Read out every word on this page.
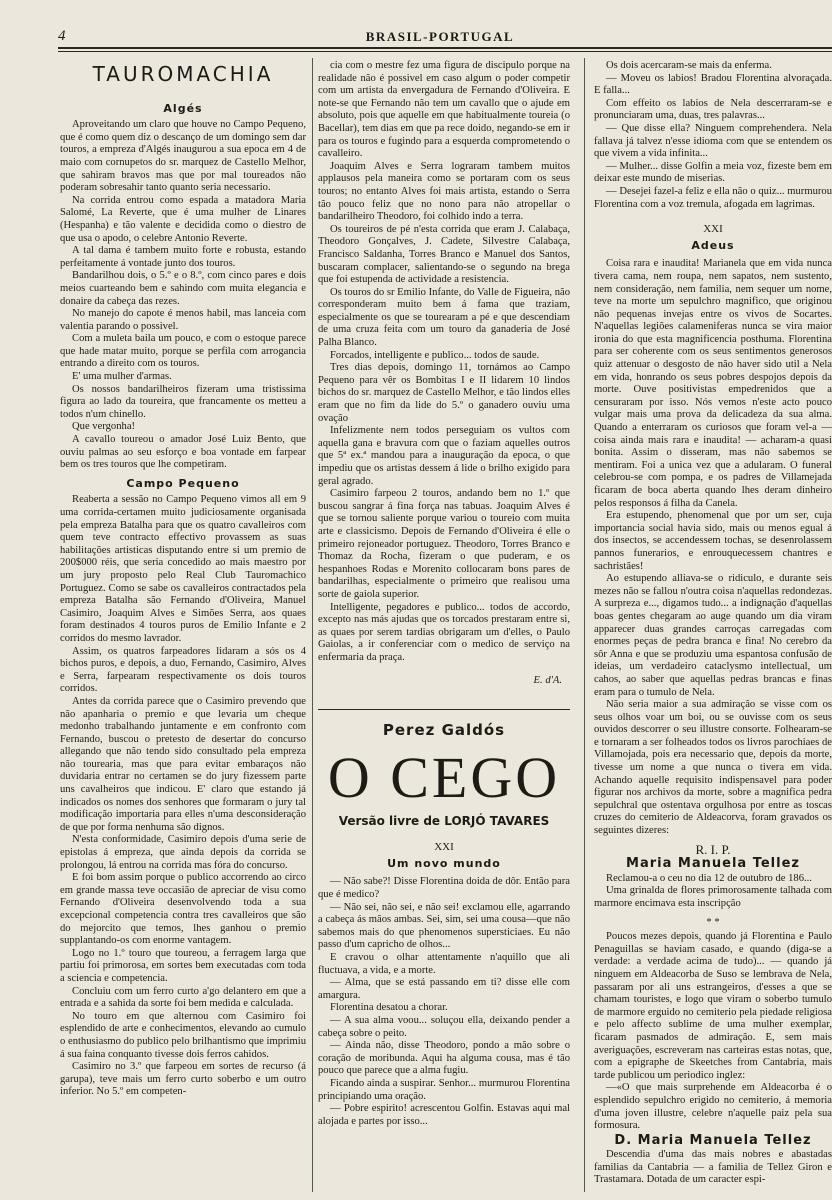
4	BRASIL-PORTUGAL
TAUROMACHIA
Algés

Aproveitando um claro que houve no Campo Pequeno, que é como quem diz o descanço de um domingo sem dar touros, a empreza d'Algés inaugurou a sua epoca em 4 de maio com cornupetos do sr. marquez de Castello Melhor, que sahiram bravos mas que por mal toureados não poderam sobresahir tanto quanto seria necessario.

Na corrida entrou como espada a matadora Maria Salomé, La Reverte, que é uma mulher de Linares (Hespanha) e tão valente e decidida como o diestro de que usa o apodo, o celebre Antonio Reverte.

A tal dama é tambem muito forte e robusta, estando perfeitamente á vontade junto dos touros.

Bandarilhou dois, o 5.º e o 8.º, com cinco pares e dois meios cuarteando bem e sahindo com muita elegancia e donaire da cabeça das rezes.

No manejo do capote é menos habil, mas lanceia com valentia parando o possivel.

Com a muleta baila um pouco, e com o estoque parece que hade matar muito, porque se perfila com arrogancia entrando a direito com os touros.

E' uma mulher d'armas.

Os nossos bandarilheiros fizeram uma tristissima figura ao lado da toureira, que francamente os metteu a todos n'um chinello.

Que vergonha!

A cavallo toureou o amador José Luiz Bento, que ouviu palmas ao seu esforço e boa vontade em farpear bem os tres touros que lhe competiram.

Campo Pequeno

Reaberta a sessão no Campo Pequeno vimos all em 9 uma corrida-certamen muito judiciosamente organisada pela empreza Batalha para que os quatro cavalleiros com quem teve contracto effectivo provassem as suas habilitações artisticas disputando entre si um premio de 200$000 réis, que seria concedido ao mais maestro por um jury proposto pelo Real Club Tauromachico Portuguez. Como se sabe os cavalleiros contractados pela empreza Batalha são Fernando d'Oliveira, Manuel Casimiro, Joaquim Alves e Simões Serra, aos quaes foram destinados 4 touros puros de Emilio Infante e 2 corridos do mesmo lavrador.

Assim, os quatros farpeadores lidaram a sós os 4 bichos puros, e depois, a duo, Fernando, Casimiro, Alves e Serra, farpearam respectivamente os dois touros corridos.

Antes da corrida parece que o Casimiro prevendo que não apanharia o premio e que levaria um cheque medonho trabalhando juntamente e em confronto com Fernando, buscou o pretesto de desertar do concurso allegando que não tendo sido consultado pela empreza não tourearia, mas que para evitar embaraços não duvidaria entrar no certamen se do jury fizessem parte uns cavalheiros que indicou. E' claro que estando já indicados os nomes dos senhores que formaram o jury tal modificação importaria para elles n'uma desconsideração de que por forma nenhuma são dignos.

N'esta conformidade, Casimiro depois d'uma serie de epistolas á empreza, que ainda depois da corrida se prolongou, lá entrou na corrida mas fóra do concurso.

E foi bom assim porque o publico accorrendo ao circo em grande massa teve occasião de apreciar de visu como Fernando d'Oliveira desenvolvendo toda a sua excepcional competencia contra tres cavalleiros que são do mejorcito que temos, lhes ganhou o premio supplantando-os com enorme vantagem.

Logo no 1.º touro que toureou, a ferragem larga que partiu foi primorosa, em sortes bem executadas com toda a sciencia e competencia.

Concluiu com um ferro curto a'go delantero em que a entrada e a sahida da sorte foi bem medida e calculada.

No touro em que alternou com Casimiro foi esplendido de arte e conhecimentos, elevando ao cumulo o enthusiasmo do publico pelo brilhantismo que imprimiu á sua faina conquanto tivesse dois ferros cahidos.

Casimiro no 3.º que farpeou em sortes de recurso (á garupa), teve mais um ferro curto soberbo e um outro inferior. No 5.º em competen-

cia com o mestre fez uma figura de discipulo porque na realidade não é possivel em caso algum o poder competir com um artista da envergadura de Fernando d'Oliveira. E note-se que Fernando não tem um cavallo que o ajude em absoluto, pois que aquelle em que habitualmente toureia (o Bacellar), tem dias em que pa rece doido, negando-se em ir para os touros e fugindo para a esquerda comprometendo o cavalleiro.

Joaquim Alves e Serra lograram tambem muitos applausos pela maneira como se portaram com os seus touros; no entanto Alves foi mais artista, estando o Serra tão pouco feliz que no nono para não atropellar o bandarilheiro Theodoro, foi colhido indo a terra.

Os toureiros de pé n'esta corrida que eram J. Calabaça, Theodoro Gonçalves, J. Cadete, Silvestre Calabaça, Francisco Saldanha, Torres Branco e Manuel dos Santos, buscaram complacer, salientando-se o segundo na brega que foi estupenda de actividade a resistencia.

Os touros do sr Emilio Infante, do Valle de Figueira, não corresponderam muito bem á fama que traziam, especialmente os que se tourearam a pé e que descendiam de uma cruza feita com um touro da ganaderia de José Palha Blanco.

Forcados, intelligente e publico... todos de saude.

Tres dias depois, domingo 11, tornámos ao Campo Pequeno para vêr os Bombitas I e II lidarem 10 lindos bichos do sr. marquez de Castello Melhor, e tão lindos elles eram que no fim da lide do 5.º o ganadero ouviu uma ovação

Infelizmente nem todos perseguiam os vultos com aquella gana e bravura com que o faziam aquelles outros que 5ª ex.ª mandou para a inauguração da epoca, o que impediu que os artistas dessem á lide o brilho exigido para geral agrado.

Casimiro farpeou 2 touros, andando bem no 1.º que buscou sangrar á fina força nas tabuas. Joaquim Alves é que se tornou saliente porque variou o toureio com muita arte e classicismo. Depois de Fernando d'Oliveira é elle o primeiro rejoneador portuguez. Theodoro, Torres Branco e Thomaz da Rocha, fizeram o que puderam, e os hespanhoes Rodas e Morenito collocaram bons pares de bandarilhas, especialmente o primeiro que realisou uma sorte de gaiola superior.

Intelligente, pegadores e publico... todos de accordo, excepto nas más ajudas que os torcados prestaram entre si, as quaes por serem tardias obrigaram um d'elles, o Paulo Gaiolas, a ir conferenciar com o medico de serviço na enfermaria da praça.

E. d'A.
Perez Galdós
O CEGO
Versão livre de LORJÓ TAVARES
XXI
Um novo mundo

— Não sabe?! Disse Florentina doida de dôr. Então para que é medico?

— Não sei, não sei, e não sei! exclamou elle, agarrando a cabeça ás mãos ambas. Sei, sim, sei uma cousa—que não sabemos mais do que phenomenos supersticiaes. Eu não passo d'um capricho de olhos...

E cravou o olhar attentamente n'aquillo que ali fluctuava, a vida, e a morte.

— Alma, que se está passando em ti? disse elle com amargura.

Florentina desatou a chorar.

— A sua alma voou... soluçou ella, deixando pender a cabeça sobre o peito.

— Ainda não, disse Theodoro, pondo a mão sobre o coração de moribunda. Aqui ha alguma cousa, mas é tão pouco que parece que a alma fugiu.

Ficando ainda a suspirar. Senhor... murmurou Florentina principiando uma oração.

— Pobre espirito! acrescentou Golfin. Estavas aqui mal alojada e partes por isso...

Os dois acercaram-se mais da enferma.

— Moveu os labios! Bradou Florentina alvoraçada. E falla...

Com effeito os labios de Nela descerraram-se e pronunciaram uma, duas, tres palavras...

— Que disse ella? Ninguem comprehendera. Nela fallava já talvez n'esse idioma com que se entendem os que vivem a vida infinita...

— Mulher... disse Golfin a meia voz, fizeste bem em deixar este mundo de miserias.

— Desejei fazel-a feliz e ella não o quiz... murmurou Florentina com a voz tremula, afogada em lagrimas.

XXI
Adeus

Coisa rara e inaudita! Marianela que em vida nunca tivera cama, nem roupa, nem sapatos, nem sustento, nem consideração, nem familia, nem sequer um nome, teve na morte um sepulchro magnifico, que originou não pequenas invejas entre os vivos de Socartes. N'aquellas legiões calameniferas nunca se vira maior ironia do que esta magnificencia posthuma. Florentina para ser coherente com os seus sentimentos generosos quiz attenuar o desgosto de não haver sido util a Nela em vida, honrando os seus pobres despojos depois da morte. Ouve positivistas empedrenidos que a censuraram por isso. Nós vemos n'este acto pouco vulgar mais uma prova da delicadeza da sua alma. Quando a enterraram os curiosos que foram vel-a — coisa ainda mais rara e inaudita! — acharam-a quasi bonita. Assim o disseram, mas não sabemos se mentiram. Foi a unica vez que a adularam. O funeral celebrou-se com pompa, e os padres de Villamejada ficaram de boca aberta quando lhes deram dinheiro pelos responsos á filha da Canela.

Era estupendo, phenomenal que por um ser, cuja importancia social havia sido, mais ou menos egual á dos insectos, se accendessem tochas, se desenrolassem pannos funerarios, e enrouquecessem chantres e sachristães!

Ao estupendo alliava-se o ridiculo, e durante seis mezes não se fallou n'outra coisa n'aquellas redondezas. A surpreza e..., digamos tudo... a indignação d'aquellas boas gentes chegaram ao auge quando um dia viram apparecer duas grandes carroças carregadas com enormes peças de pedra branca e fina! No cerebro da sôr Anna e que se produziu uma espantosa confusão de ideias, um verdadeiro cataclysmo intellectual, um cahos, ao saber que aquellas pedras brancas e finas eram para o tumulo de Nela.

Não seria maior a sua admiração se visse com os seus olhos voar um boi, ou se ouvisse com os seus ouvidos descorrer o seu illustre consorte. Folhearam-se e tornaram a ser folheados todos os livros parochiaes de Villamojada, pois era necessario que, depois da morte, tivesse um nome a que nunca o tivera em vida. Achando aquelle requisito indispensavel para poder figurar nos archivos da morte, sobre a magnifica pedra sepulchral que ostentava orgulhosa por entre as toscas cruzes do cemiterio de Aldeacorva, foram gravados os seguintes dizeres:

R. I. P.
Maria Manuela Tellez

Reclamou-a o ceu no dia 12 de outubro de 186...

Uma grinalda de flores primorosamente talhada com marmore encimava esta inscripção

* *

Poucos mezes depois, quando já Florentina e Paulo Penaguillas se haviam casado, e quando (diga-se a verdade: a verdade acima de tudo)... — quando já ninguem em Aldeacorba de Suso se lembrava de Nela, passaram por ali uns estrangeiros, d'esses a que se chamam touristes, e logo que viram o soberbo tumulo de marmore erguido no cemiterio pela piedade religiosa e pelo affecto sublime de uma mulher exemplar, ficaram pasmados de admiração. E, sem mais averiguações, escreveram nas carteiras estas notas, que, com a epigraphe de Skeetches from Cantabria, mais tarde publicou um periodico inglez:

—«O que mais surprehende em Aldeacorba é o esplendido sepulchro erigido no cemiterio, á memoria d'uma joven illustre, celebre n'aquelle paiz pela sua formosura.

D. Maria Manuela Tellez

Descendia d'uma das mais nobres e abastadas familias da Cantabria — a familia de Tellez Giron e Trastamara. Dotada de um caracter espi-
